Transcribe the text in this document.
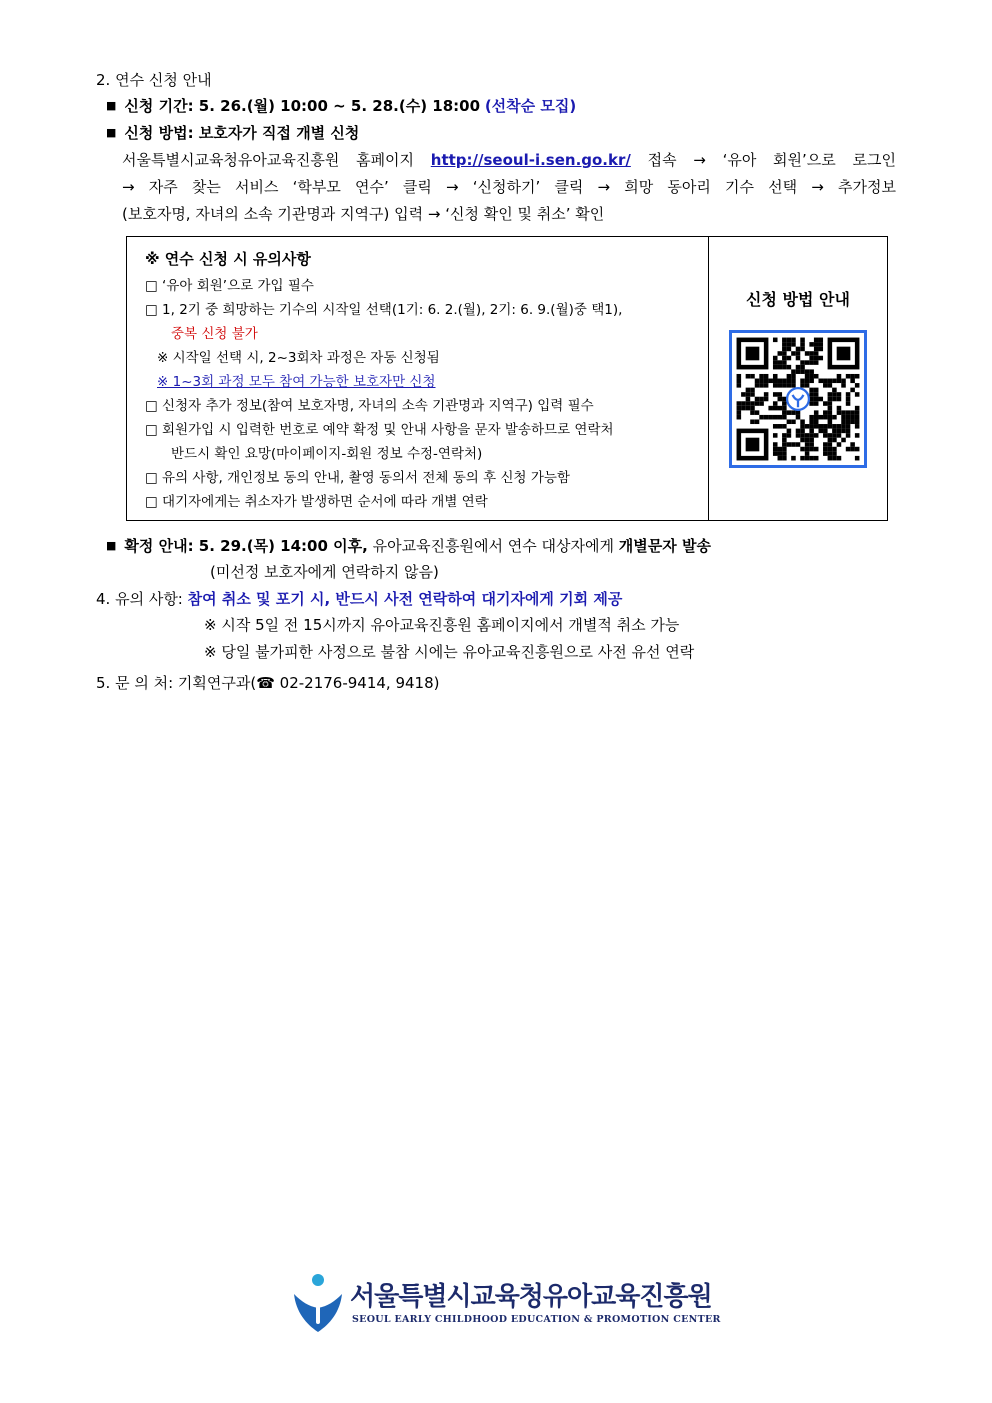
2. 연수 신청 안내
■ 신청 기간: 5. 26.(월) 10:00 ~ 5. 28.(수) 18:00 (선착순 모집)
■ 신청 방법: 보호자가 직접 개별 신청
서울특별시교육청유아교육진흥원 홈페이지 http://seoul-i.sen.go.kr/ 접속 → ‘유아 회원’으로 로그인
→ 자주 찾는 서비스 ‘학부모 연수’ 클릭 → ‘신청하기’ 클릭 → 희망 동아리 기수 선택 → 추가정보
(보호자명, 자녀의 소속 기관명과 지역구) 입력 → ‘신청 확인 및 취소’ 확인
※ 연수 신청 시 유의사항
□ ‘유아 회원’으로 가입 필수
□ 1, 2기 중 희망하는 기수의 시작일 선택(1기: 6. 2.(월), 2기: 6. 9.(월)중 택1),
중복 신청 불가
※ 시작일 선택 시, 2~3회차 과정은 자동 신청됨
※ 1~3회 과정 모두 참여 가능한 보호자만 신청
□ 신청자 추가 정보(참여 보호자명, 자녀의 소속 기관명과 지역구) 입력 필수
□ 회원가입 시 입력한 번호로 예약 확정 및 안내 사항을 문자 발송하므로 연락처
반드시 확인 요망(마이페이지-회원 정보 수정-연락처)
□ 유의 사항, 개인정보 동의 안내, 촬영 동의서 전체 동의 후 신청 가능함
□ 대기자에게는 취소자가 발생하면 순서에 따라 개별 연락
신청 방법 안내
■ 확정 안내: 5. 29.(목) 14:00 이후, 유아교육진흥원에서 연수 대상자에게 개별문자 발송
(미선정 보호자에게 연락하지 않음)
4. 유의 사항: 참여 취소 및 포기 시, 반드시 사전 연락하여 대기자에게 기회 제공
※ 시작 5일 전 15시까지 유아교육진흥원 홈페이지에서 개별적 취소 가능
※ 당일 불가피한 사정으로 불참 시에는 유아교육진흥원으로 사전 유선 연락
5. 문 의 처: 기획연구과(☎ 02-2176-9414, 9418)
서울특별시교육청유아교육진흥원
SEOUL EARLY CHILDHOOD EDUCATION & PROMOTION CENTER
